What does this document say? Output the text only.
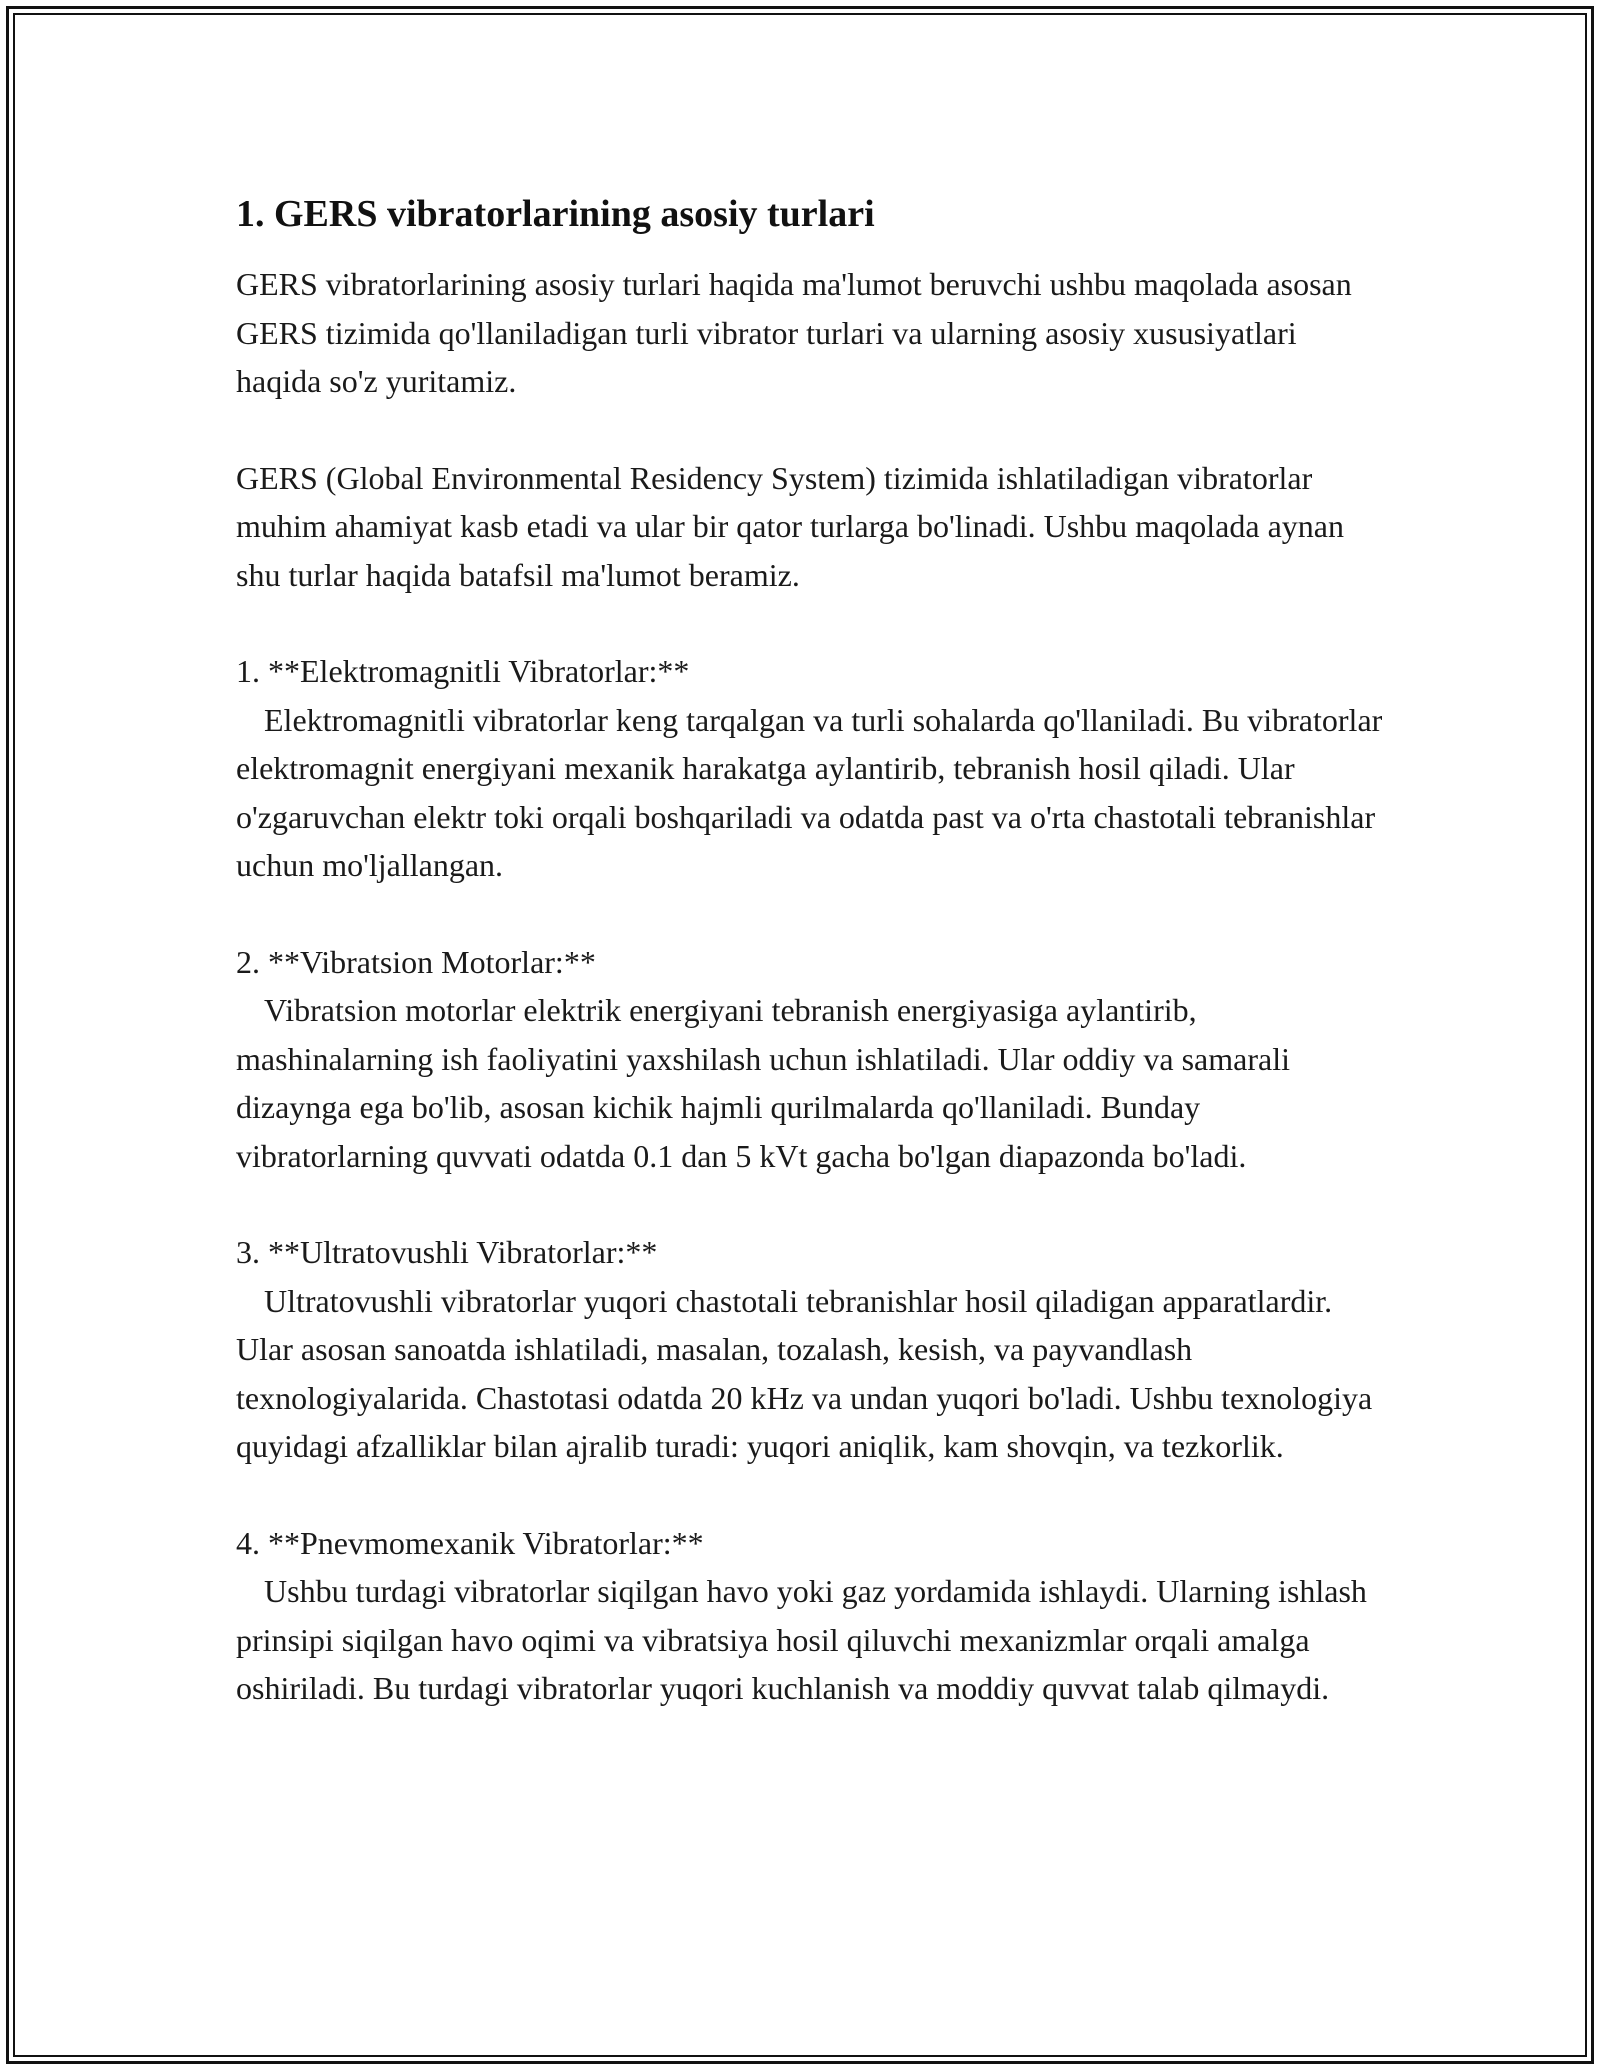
1. GERS vibratorlarining asosiy turlari

GERS vibratorlarining asosiy turlari haqida ma'lumot beruvchi ushbu maqolada asosan GERS tizimida qo'llaniladigan turli vibrator turlari va ularning asosiy xususiyatlari haqida so'z yuritamiz.

GERS (Global Environmental Residency System) tizimida ishlatiladigan vibratorlar muhim ahamiyat kasb etadi va ular bir qator turlarga bo'linadi. Ushbu maqolada aynan shu turlar haqida batafsil ma'lumot beramiz.

1. **Elektromagnitli Vibratorlar:**
Elektromagnitli vibratorlar keng tarqalgan va turli sohalarda qo'llaniladi. Bu vibratorlar elektromagnit energiyani mexanik harakatga aylantirib, tebranish hosil qiladi. Ular o'zgaruvchan elektr toki orqali boshqariladi va odatda past va o'rta chastotali tebranishlar uchun mo'ljallangan.
2. **Vibratsion Motorlar:**
Vibratsion motorlar elektrik energiyani tebranish energiyasiga aylantirib, mashinalarning ish faoliyatini yaxshilash uchun ishlatiladi. Ular oddiy va samarali dizaynga ega bo'lib, asosan kichik hajmli qurilmalarda qo'llaniladi. Bunday vibratorlarning quvvati odatda 0.1 dan 5 kVt gacha bo'lgan diapazonda bo'ladi.
3. **Ultratovushli Vibratorlar:**
Ultratovushli vibratorlar yuqori chastotali tebranishlar hosil qiladigan apparatlardir. Ular asosan sanoatda ishlatiladi, masalan, tozalash, kesish, va payvandlash texnologiyalarida. Chastotasi odatda 20 kHz va undan yuqori bo'ladi. Ushbu texnologiya quyidagi afzalliklar bilan ajralib turadi: yuqori aniqlik, kam shovqin, va tezkorlik.
4. **Pnevmomexanik Vibratorlar:**
Ushbu turdagi vibratorlar siqilgan havo yoki gaz yordamida ishlaydi. Ularning ishlash prinsipi siqilgan havo oqimi va vibratsiya hosil qiluvchi mexanizmlar orqali amalga oshiriladi. Bu turdagi vibratorlar yuqori kuchlanish va moddiy quvvat talab qilmaydi.
